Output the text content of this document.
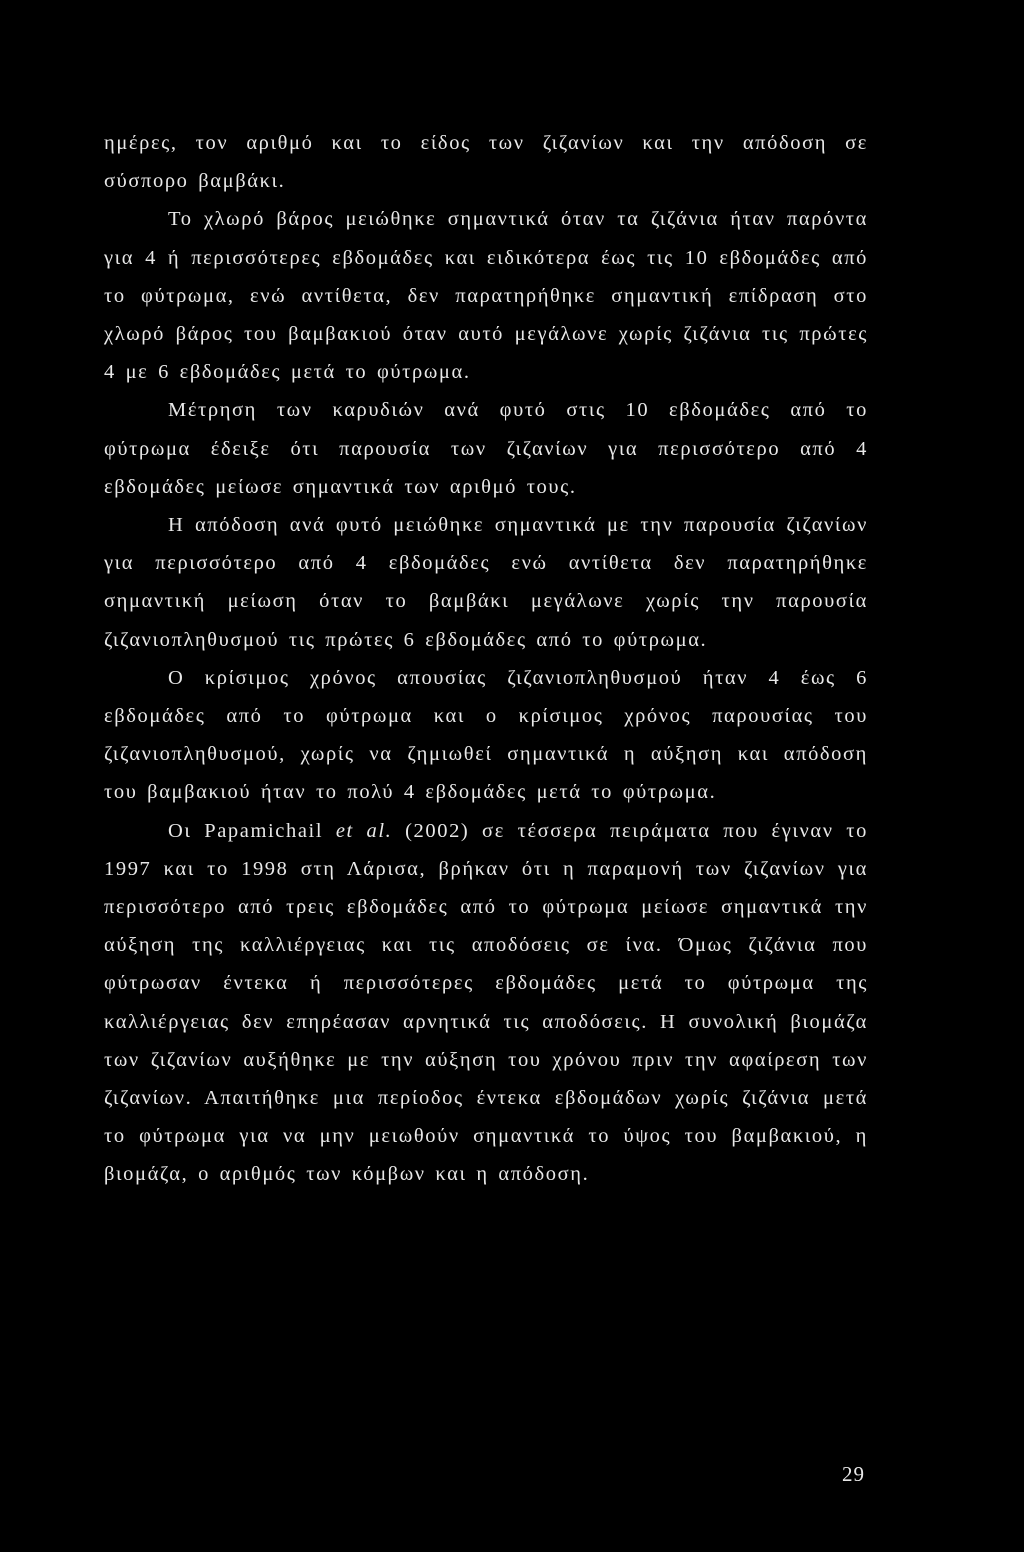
ημέρες, τον αριθμό και το είδος των ζιζανίων και την απόδοση σε σύσπορο βαμβάκι.

Το χλωρό βάρος μειώθηκε σημαντικά όταν τα ζιζάνια ήταν παρόντα για 4 ή περισσότερες εβδομάδες και ειδικότερα έως τις 10 εβδομάδες από το φύτρωμα, ενώ αντίθετα, δεν παρατηρήθηκε σημαντική επίδραση στο χλωρό βάρος του βαμβακιού όταν αυτό μεγάλωνε χωρίς ζιζάνια τις πρώτες 4 με 6 εβδομάδες μετά το φύτρωμα.

Μέτρηση των καρυδιών ανά φυτό στις 10 εβδομάδες από το φύτρωμα έδειξε ότι παρουσία των ζιζανίων για περισσότερο από 4 εβδομάδες μείωσε σημαντικά των αριθμό τους.

Η απόδοση ανά φυτό μειώθηκε σημαντικά με την παρουσία ζιζανίων για περισσότερο από 4 εβδομάδες ενώ αντίθετα δεν παρατηρήθηκε σημαντική μείωση όταν το βαμβάκι μεγάλωνε χωρίς την παρουσία ζιζανιοπληθυσμού τις πρώτες 6 εβδομάδες από το φύτρωμα.

Ο κρίσιμος χρόνος απουσίας ζιζανιοπληθυσμού ήταν 4 έως 6 εβδομάδες από το φύτρωμα και ο κρίσιμος χρόνος παρουσίας του ζιζανιοπληθυσμού, χωρίς να ζημιωθεί σημαντικά η αύξηση και απόδοση του βαμβακιού ήταν το πολύ 4 εβδομάδες μετά το φύτρωμα.

Οι Papamichail et al. (2002) σε τέσσερα πειράματα που έγιναν το 1997 και το 1998 στη Λάρισα, βρήκαν ότι η παραμονή των ζιζανίων για περισσότερο από τρεις εβδομάδες από το φύτρωμα μείωσε σημαντικά την αύξηση της καλλιέργειας και τις αποδόσεις σε ίνα. Όμως ζιζάνια που φύτρωσαν έντεκα ή περισσότερες εβδομάδες μετά το φύτρωμα της καλλιέργειας δεν επηρέασαν αρνητικά τις αποδόσεις. Η συνολική βιομάζα των ζιζανίων αυξήθηκε με την αύξηση του χρόνου πριν την αφαίρεση των ζιζανίων. Απαιτήθηκε μια περίοδος έντεκα εβδομάδων χωρίς ζιζάνια μετά το φύτρωμα για να μην μειωθούν σημαντικά το ύψος του βαμβακιού, η βιομάζα, ο αριθμός των κόμβων και η απόδοση.

29
